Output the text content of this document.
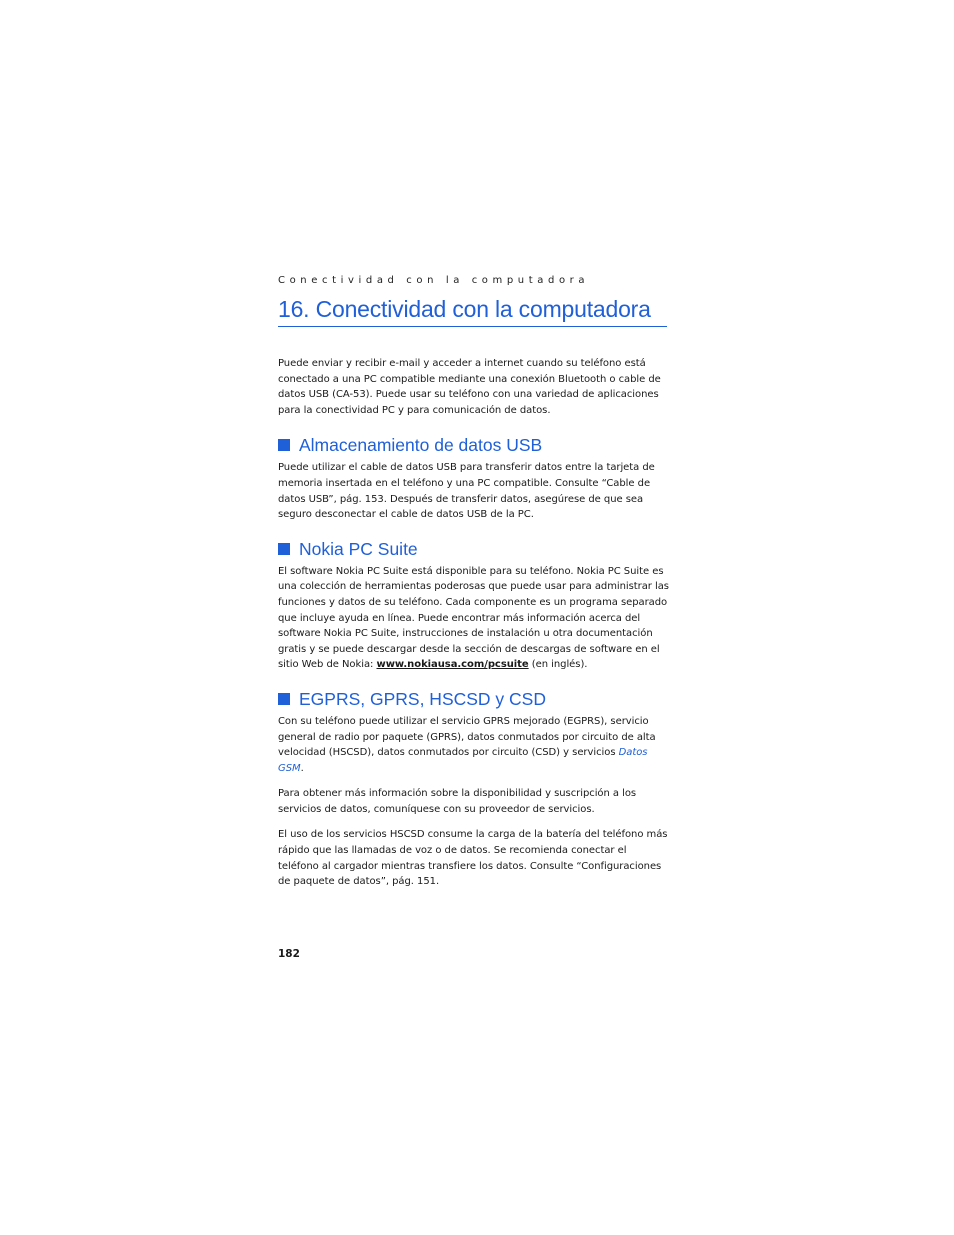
Conectividad con la computadora
16. Conectividad con la computadora

Puede enviar y recibir e-mail y acceder a internet cuando su teléfono está conectado a una PC compatible mediante una conexión Bluetooth o cable de datos USB (CA-53). Puede usar su teléfono con una variedad de aplicaciones para la conectividad PC y para comunicación de datos.

Almacenamiento de datos USB

Puede utilizar el cable de datos USB para transferir datos entre la tarjeta de memoria insertada en el teléfono y una PC compatible. Consulte “Cable de datos USB”, pág. 153. Después de transferir datos, asegúrese de que sea seguro desconectar el cable de datos USB de la PC.

Nokia PC Suite

El software Nokia PC Suite está disponible para su teléfono. Nokia PC Suite es una colección de herramientas poderosas que puede usar para administrar las funciones y datos de su teléfono. Cada componente es un programa separado que incluye ayuda en línea. Puede encontrar más información acerca del software Nokia PC Suite, instrucciones de instalación u otra documentación gratis y se puede descargar desde la sección de descargas de software en el sitio Web de Nokia: www.nokiausa.com/pcsuite (en inglés).

EGPRS, GPRS, HSCSD y CSD

Con su teléfono puede utilizar el servicio GPRS mejorado (EGPRS), servicio general de radio por paquete (GPRS), datos conmutados por circuito de alta velocidad (HSCSD), datos conmutados por circuito (CSD) y servicios Datos GSM.

Para obtener más información sobre la disponibilidad y suscripción a los servicios de datos, comuníquese con su proveedor de servicios.

El uso de los servicios HSCSD consume la carga de la batería del teléfono más rápido que las llamadas de voz o de datos. Se recomienda conectar el teléfono al cargador mientras transfiere los datos. Consulte “Configuraciones de paquete de datos”, pág. 151.

182
